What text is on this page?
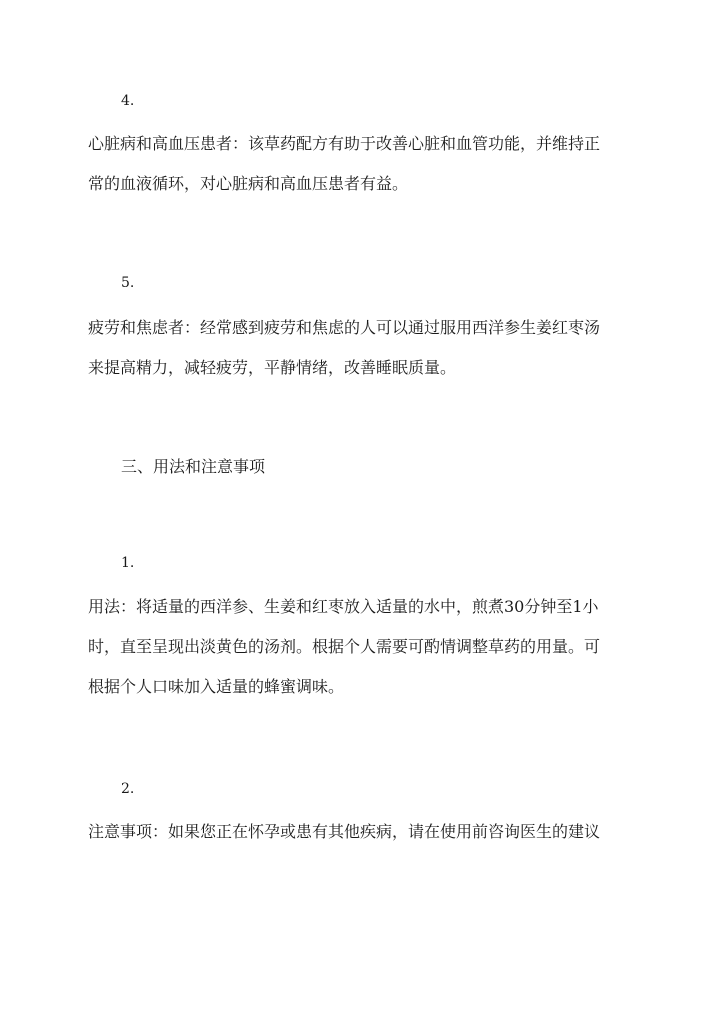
4.
心脏病和高血压患者：该草药配方有助于改善心脏和血管功能，并维持正
常的血液循环，对心脏病和高血压患者有益。
5.
疲劳和焦虑者：经常感到疲劳和焦虑的人可以通过服用西洋参生姜红枣汤
来提高精力，减轻疲劳，平静情绪，改善睡眠质量。
三、用法和注意事项
1.
用法：将适量的西洋参、生姜和红枣放入适量的水中，煎煮30分钟至1小
时，直至呈现出淡黄色的汤剂。根据个人需要可酌情调整草药的用量。可
根据个人口味加入适量的蜂蜜调味。
2.
注意事项：如果您正在怀孕或患有其他疾病，请在使用前咨询医生的建议
